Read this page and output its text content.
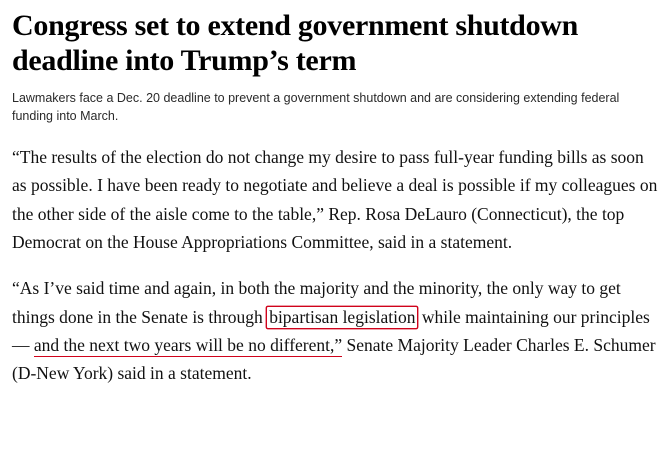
Congress set to extend government shutdown deadline into Trump’s term

Lawmakers face a Dec. 20 deadline to prevent a government shutdown and are considering extending federal funding into March.

“The results of the election do not change my desire to pass full-year funding bills as soon as possible. I have been ready to negotiate and believe a deal is possible if my colleagues on the other side of the aisle come to the table,” Rep. Rosa DeLauro (Connecticut), the top Democrat on the House Appropriations Committee, said in a statement.

“As I’ve said time and again, in both the majority and the minority, the only way to get things done in the Senate is through bipartisan legislation while maintaining our principles — and the next two years will be no different,” Senate Majority Leader Charles E. Schumer (D-New York) said in a statement.
